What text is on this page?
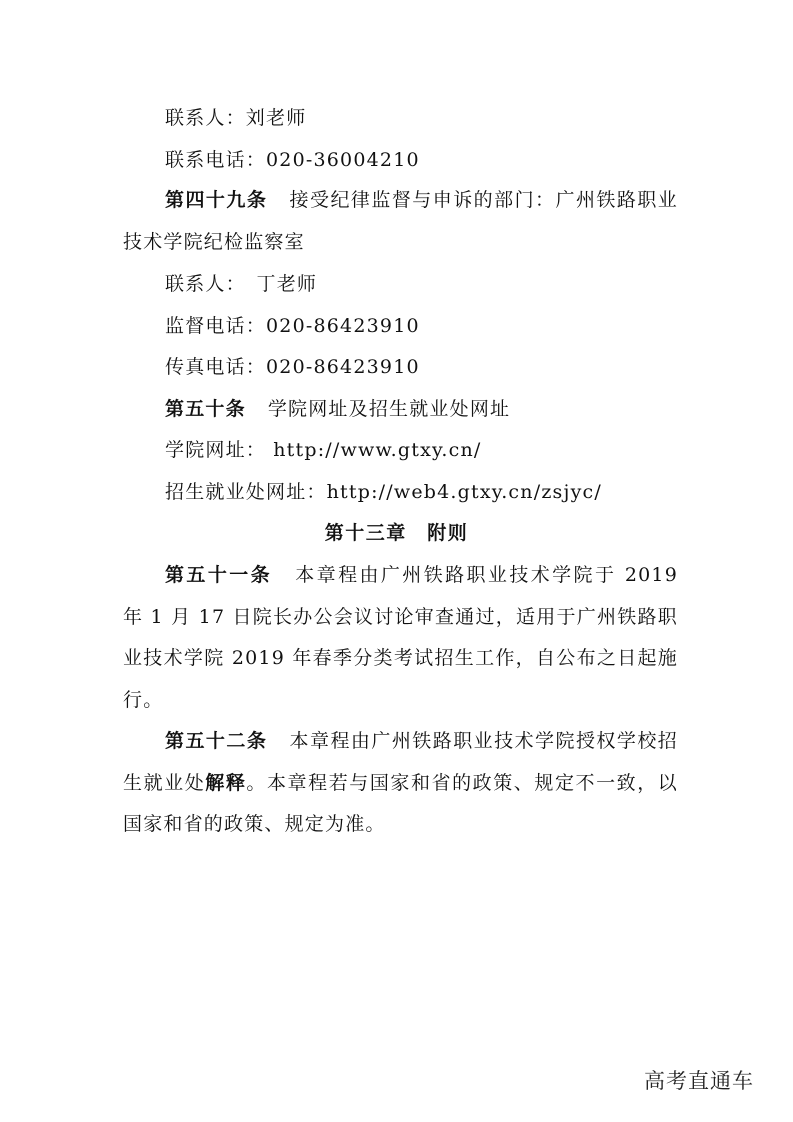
联系人：刘老师
联系电话：020-36004210
第四十九条 接受纪律监督与申诉的部门：广州铁路职业技术学院纪检监察室
联系人：　丁老师
监督电话：020-86423910
传真电话：020-86423910
第五十条 学院网址及招生就业处网址
学院网址： http://www.gtxy.cn/
招生就业处网址：http://web4.gtxy.cn/zsjyc/
第十三章　附则
第五十一条 本章程由广州铁路职业技术学院于 2019 年 1 月 17 日院长办公会议讨论审查通过，适用于广州铁路职业技术学院 2019 年春季分类考试招生工作，自公布之日起施行。
第五十二条 本章程由广州铁路职业技术学院授权学校招生就业处解释。本章程若与国家和省的政策、规定不一致，以国家和省的政策、规定为准。
高考直通车
